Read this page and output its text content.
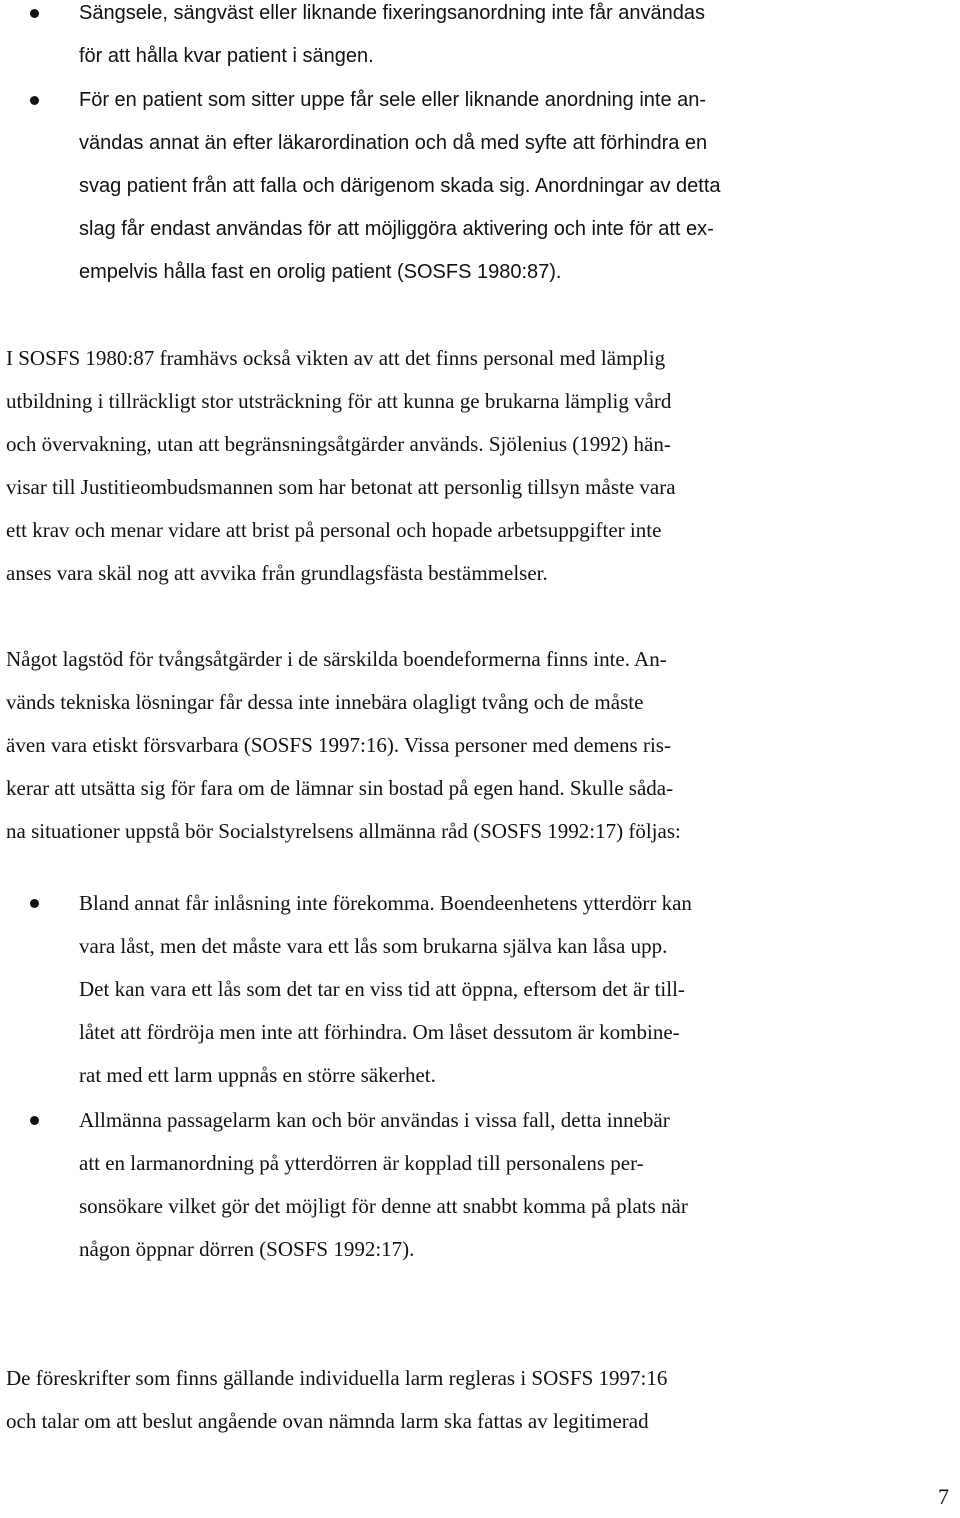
Sängsele, sängväst eller liknande fixeringsanordning inte får användas
för att hålla kvar patient i sängen.
För en patient som sitter uppe får sele eller liknande anordning inte an-
vändas annat än efter läkarordination och då med syfte att förhindra en
svag patient från att falla och därigenom skada sig. Anordningar av detta
slag får endast användas för att möjliggöra aktivering och inte för att ex-
empelvis hålla fast en orolig patient (SOSFS 1980:87).
I SOSFS 1980:87 framhävs också vikten av att det finns personal med lämplig
utbildning i tillräckligt stor utsträckning för att kunna ge brukarna lämplig vård
och övervakning, utan att begränsningsåtgärder används. Sjölenius (1992) hän-
visar till Justitieombudsmannen som har betonat att personlig tillsyn måste vara
ett krav och menar vidare att brist på personal och hopade arbetsuppgifter inte
anses vara skäl nog att avvika från grundlagsfästa bestämmelser.
Något lagstöd för tvångsåtgärder i de särskilda boendeformerna finns inte. An-
vänds tekniska lösningar får dessa inte innebära olagligt tvång och de måste
även vara etiskt försvarbara (SOSFS 1997:16). Vissa personer med demens ris-
kerar att utsätta sig för fara om de lämnar sin bostad på egen hand. Skulle såda-
na situationer uppstå bör Socialstyrelsens allmänna råd (SOSFS 1992:17) följas:
Bland annat får inlåsning inte förekomma. Boendeenhetens ytterdörr kan
vara låst, men det måste vara ett lås som brukarna själva kan låsa upp.
Det kan vara ett lås som det tar en viss tid att öppna, eftersom det är till-
låtet att fördröja men inte att förhindra. Om låset dessutom är kombine-
rat med ett larm uppnås en större säkerhet.
Allmänna passagelarm kan och bör användas i vissa fall, detta innebär
att en larmanordning på ytterdörren är kopplad till personalens per-
sonsökare vilket gör det möjligt för denne att snabbt komma på plats när
någon öppnar dörren (SOSFS 1992:17).
De föreskrifter som finns gällande individuella larm regleras i SOSFS 1997:16
och talar om att beslut angående ovan nämnda larm ska fattas av legitimerad
7
